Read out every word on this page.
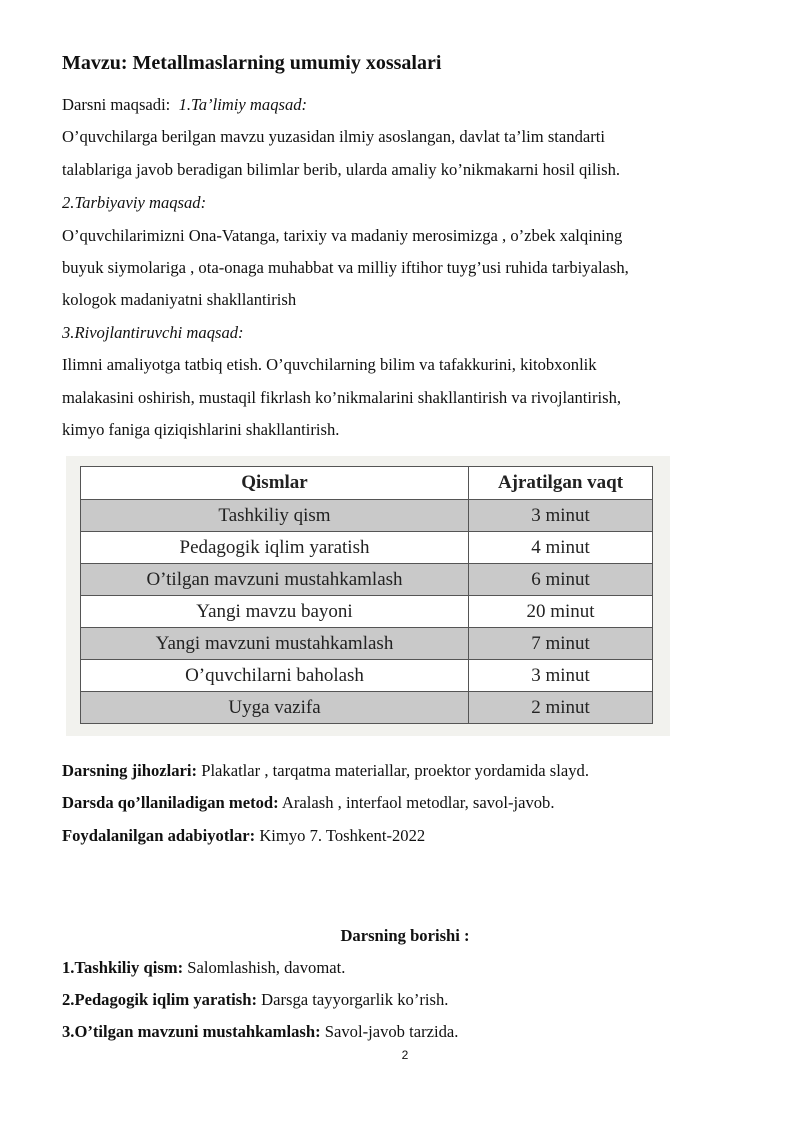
Mavzu: Metallmaslarning umumiy xossalari
Darsni maqsadi: 1.Ta’limiy maqsad:
O’quvchilarga berilgan mavzu yuzasidan ilmiy asoslangan, davlat ta’lim standarti
talablariga javob beradigan bilimlar berib, ularda amaliy ko’nikmakarni hosil qilish.
2.Tarbiyaviy maqsad:
O’quvchilarimizni Ona-Vatanga, tarixiy va madaniy merosimizga , o’zbek xalqining
buyuk siymolariga , ota-onaga muhabbat va milliy iftihor tuyg’usi ruhida tarbiyalash,
kologok madaniyatni shakllantirish
3.Rivojlantiruvchi maqsad:
Ilimni amaliyotga tatbiq etish. O’quvchilarning bilim va tafakkurini, kitobxonlik
malakasini oshirish, mustaqil fikrlash ko’nikmalarini shakllantirish va rivojlantirish,
kimyo faniga qiziqishlarini shakllantirish.
Darsning jihozlari: Plakatlar , tarqatma materiallar, proektor yordamida slayd.
Darsda qo’llaniladigan metod: Aralash , interfaol metodlar, savol-javob.
Foydalanilgan adabiyotlar: Kimyo 7. Toshkent-2022
Darsning borishi :
1.Tashkiliy qism: Salomlashish, davomat.
2.Pedagogik iqlim yaratish: Darsga tayyorgarlik ko’rish.
3.O’tilgan mavzuni mustahkamlash: Savol-javob tarzida.
2
Qismlar	Ajratilgan vaqt
Tashkiliy qism	3 minut
Pedagogik iqlim yaratish	4 minut
O’tilgan mavzuni mustahkamlash	6 minut
Yangi mavzu bayoni	20 minut
Yangi mavzuni mustahkamlash	7 minut
O’quvchilarni baholash	3 minut
Uyga vazifa	2 minut
